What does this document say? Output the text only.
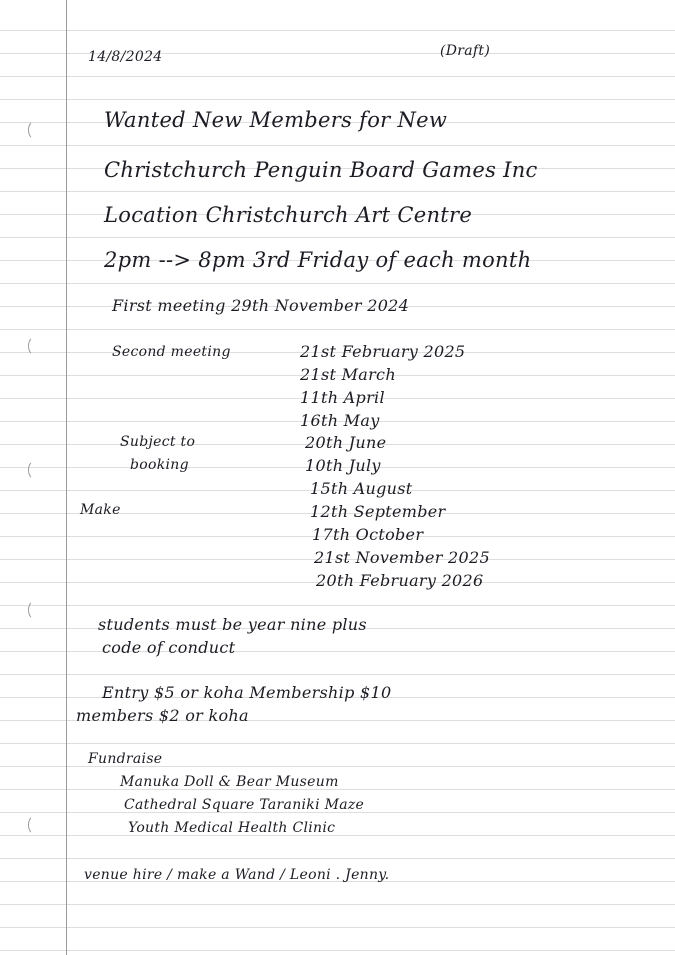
14/8/2024	(Draft)
Wanted New Members for New
Christchurch Penguin Board Games Inc
Location Christchurch Art Centre
2pm --> 8pm 3rd Friday of each month
First meeting 29th November 2024
Second meeting
Subject to
booking
Make
21st February 2025
21st March
11th April
16th May
20th June
10th July
15th August
12th September
17th October
21st November 2025
20th February 2026
students must be year nine plus
code of conduct
Entry $5 or koha Membership $10
members $2 or koha
Fundraise
Manuka Doll & Bear Museum
Cathedral Square Taraniki Maze
Youth Medical Health Clinic
venue hire / make a Wand / Leoni . Jenny.
